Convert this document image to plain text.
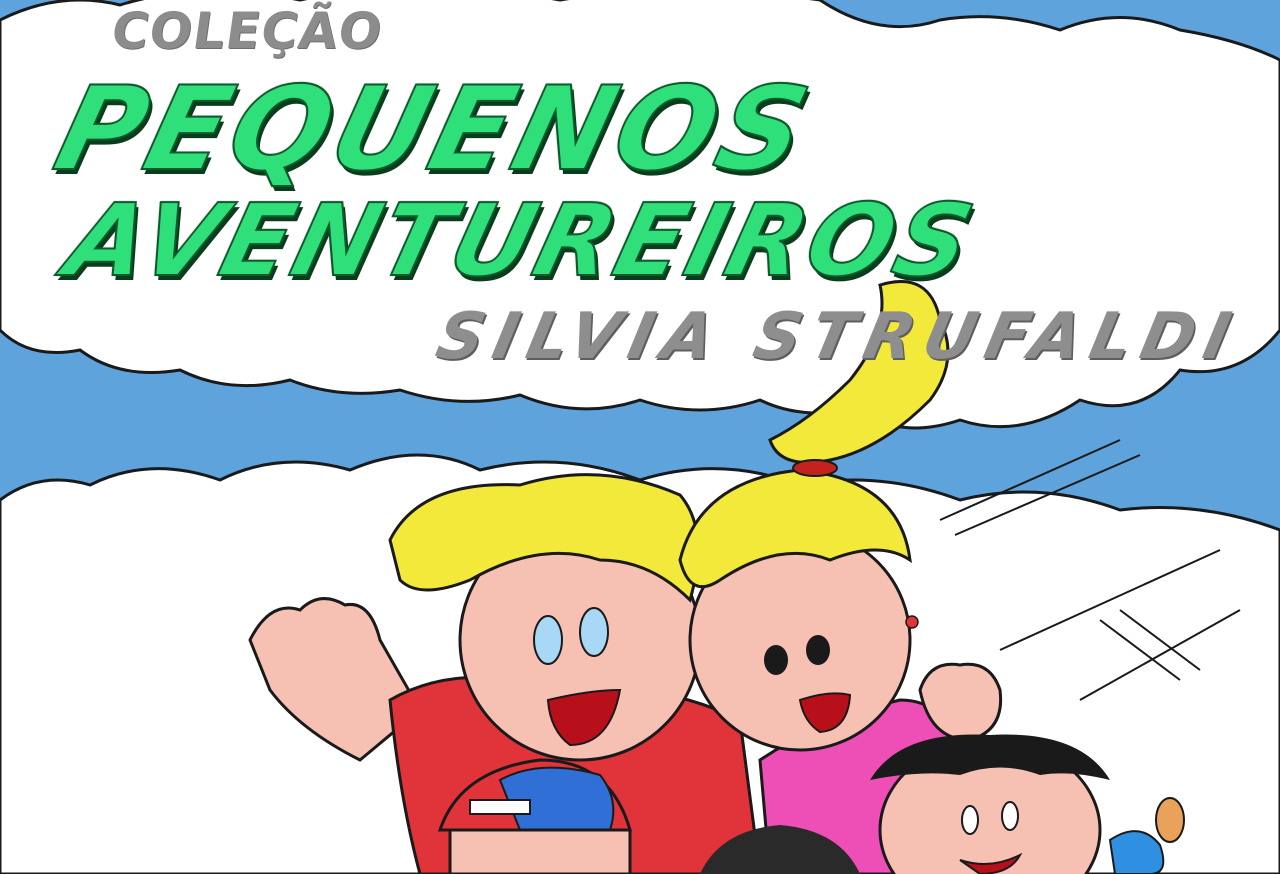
COLEÇÃO
PEQUENOS
AVENTUREIROS
SILVIA STRUFALDI
